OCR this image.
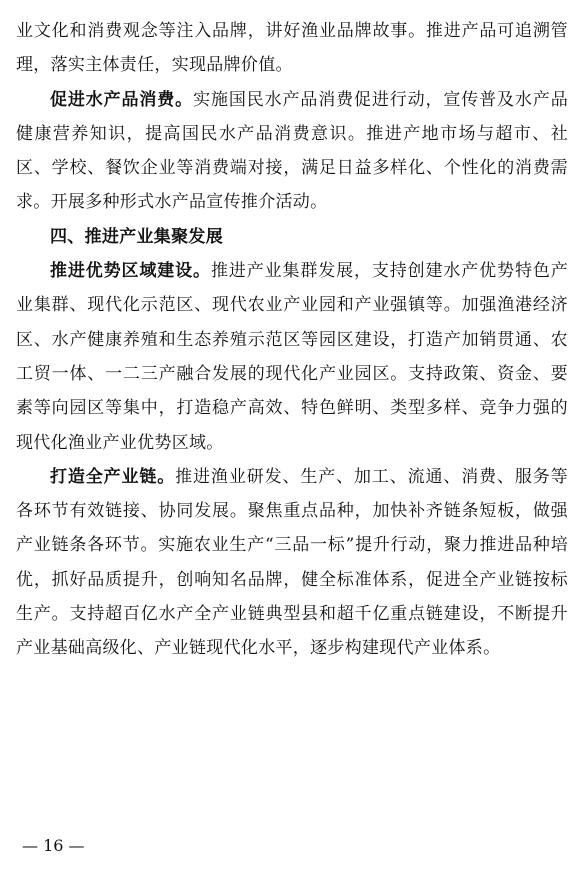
业文化和消费观念等注入品牌，讲好渔业品牌故事。推进产品可追溯管理，落实主体责任，实现品牌价值。

促进水产品消费。实施国民水产品消费促进行动，宣传普及水产品健康营养知识，提高国民水产品消费意识。推进产地市场与超市、社区、学校、餐饮企业等消费端对接，满足日益多样化、个性化的消费需求。开展多种形式水产品宣传推介活动。

四、推进产业集聚发展

推进优势区域建设。推进产业集群发展，支持创建水产优势特色产业集群、现代化示范区、现代农业产业园和产业强镇等。加强渔港经济区、水产健康养殖和生态养殖示范区等园区建设，打造产加销贯通、农工贸一体、一二三产融合发展的现代化产业园区。支持政策、资金、要素等向园区等集中，打造稳产高效、特色鲜明、类型多样、竞争力强的现代化渔业产业优势区域。

打造全产业链。推进渔业研发、生产、加工、流通、消费、服务等各环节有效链接、协同发展。聚焦重点品种，加快补齐链条短板，做强产业链条各环节。实施农业生产“三品一标”提升行动，聚力推进品种培优，抓好品质提升，创响知名品牌，健全标准体系，促进全产业链按标生产。支持超百亿水产全产业链典型县和超千亿重点链建设，不断提升产业基础高级化、产业链现代化水平，逐步构建现代产业体系。

— 16 —
